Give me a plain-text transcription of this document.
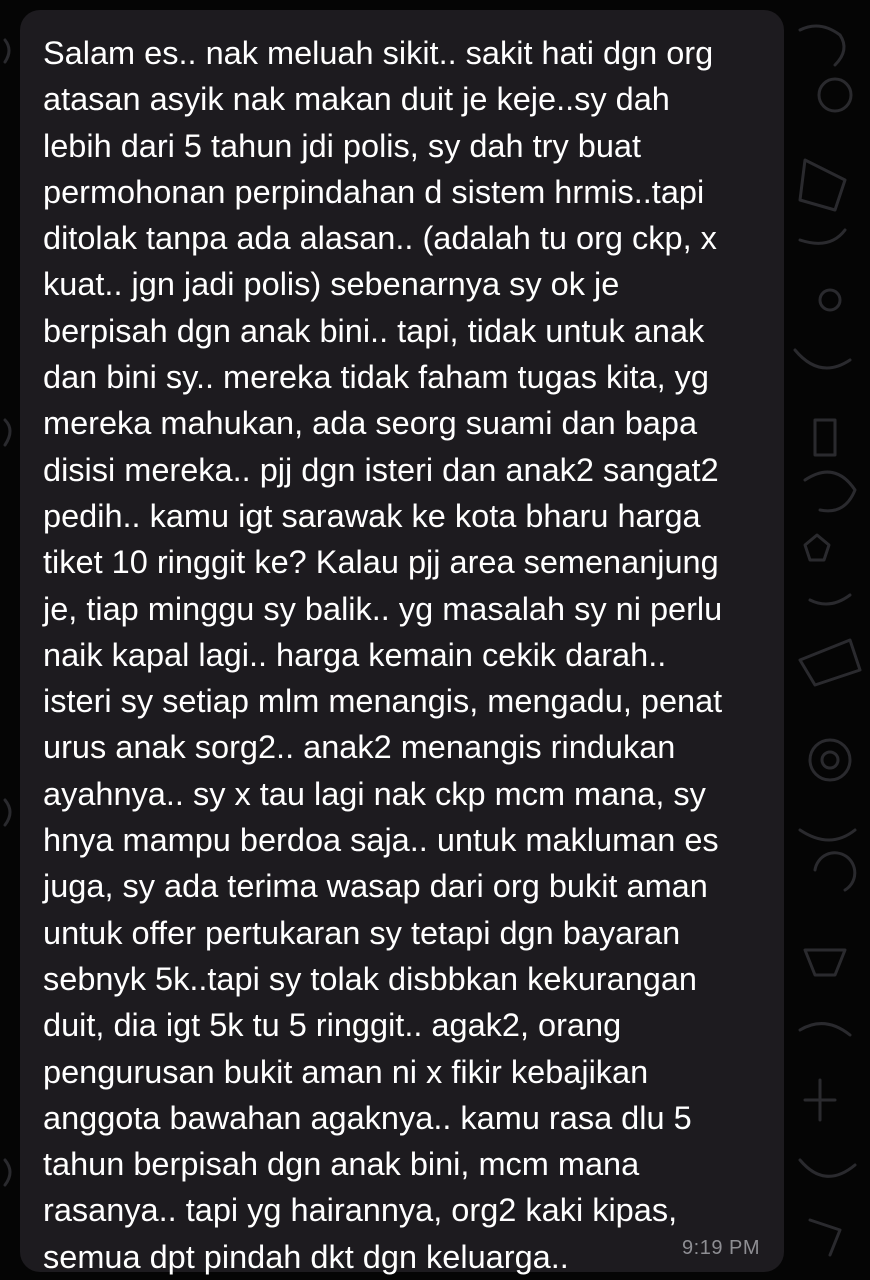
Salam es.. nak meluah sikit.. sakit hati dgn org
atasan asyik nak makan duit je keje..sy dah
lebih dari 5 tahun jdi polis, sy dah try buat
permohonan perpindahan d sistem hrmis..tapi
ditolak tanpa ada alasan.. (adalah tu org ckp, x
kuat.. jgn jadi polis) sebenarnya sy ok je
berpisah dgn anak bini.. tapi, tidak untuk anak
dan bini sy.. mereka tidak faham tugas kita, yg
mereka mahukan, ada seorg suami dan bapa
disisi mereka.. pjj dgn isteri dan anak2 sangat2
pedih.. kamu igt sarawak ke kota bharu harga
tiket 10 ringgit ke? Kalau pjj area semenanjung
je, tiap minggu sy balik.. yg masalah sy ni perlu
naik kapal lagi.. harga kemain cekik darah..
isteri sy setiap mlm menangis, mengadu, penat
urus anak sorg2.. anak2 menangis rindukan
ayahnya.. sy x tau lagi nak ckp mcm mana, sy
hnya mampu berdoa saja.. untuk makluman es
juga, sy ada terima wasap dari org bukit aman
untuk offer pertukaran sy tetapi dgn bayaran
sebnyk 5k..tapi sy tolak disbbkan kekurangan
duit, dia igt 5k tu 5 ringgit.. agak2, orang
pengurusan bukit aman ni x fikir kebajikan
anggota bawahan agaknya.. kamu rasa dlu 5
tahun berpisah dgn anak bini, mcm mana
rasanya.. tapi yg hairannya, org2 kaki kipas,
semua dpt pindah dkt dgn keluarga..	9:19 PM
